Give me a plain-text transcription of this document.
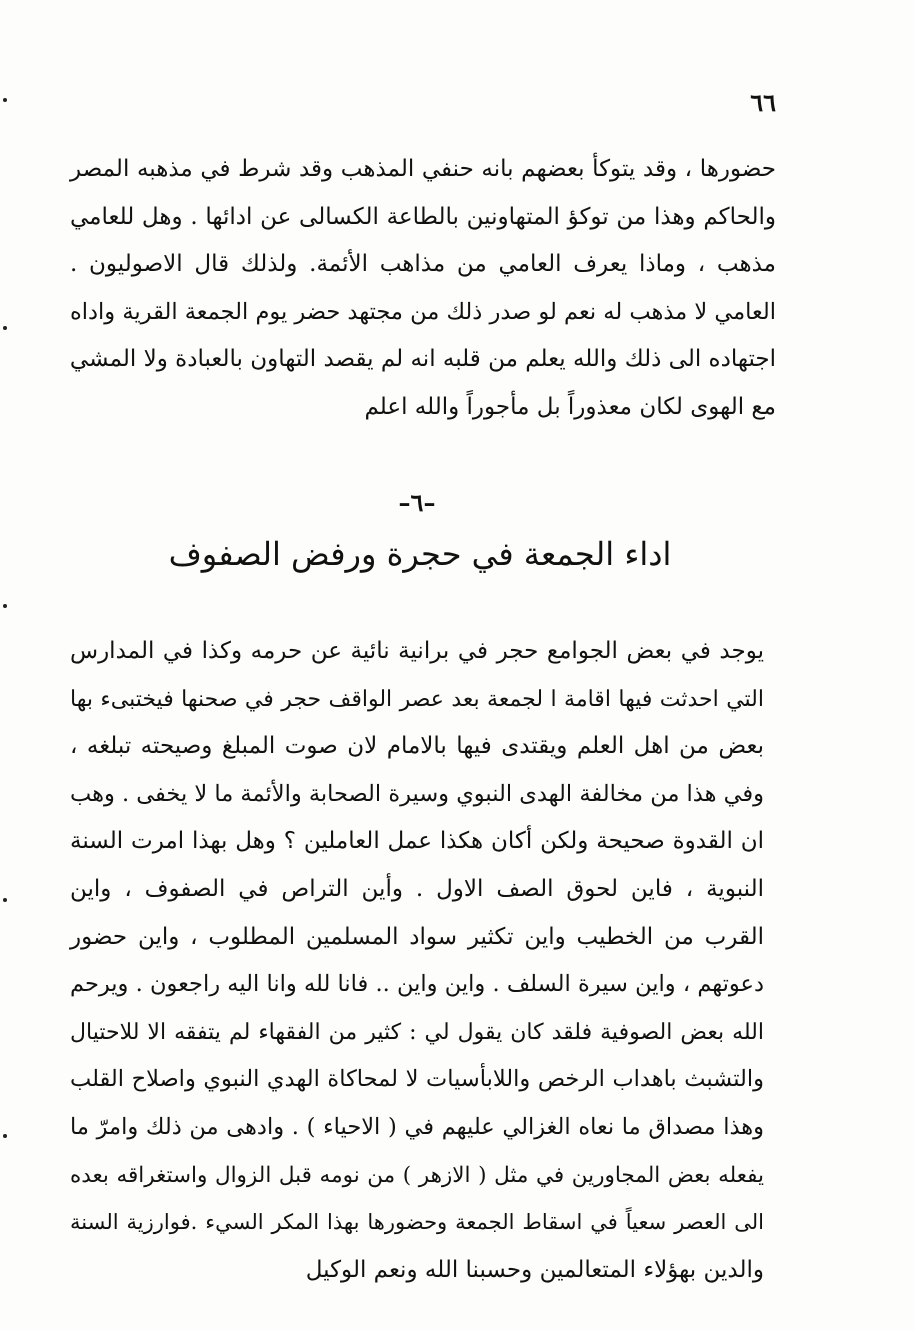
٦٦
حضورها ، وقد يتوكأ بعضهم بانه حنفي المذهب وقد شرط في مذهبه المصر
والحاكم وهذا من توكؤ المتهاونين بالطاعة الكسالى عن ادائها . وهل للعامي
مذهب ، وماذا يعرف العامي من مذاهب الأئمة. ولذلك قال الاصوليون .
العامي لا مذهب له نعم لو صدر ذلك من مجتهد حضر يوم الجمعة القرية واداه
اجتهاده الى ذلك والله يعلم من قلبه انه لم يقصد التهاون بالعبادة ولا المشي
مع الهوى لكان معذوراً بل مأجوراً والله اعلم
–٦–
اداء الجمعة في حجرة ورفض الصفوف
يوجد في بعض الجوامع حجر في برانية نائية عن حرمه وكذا في المدارس
التي احدثت فيها اقامة ا لجمعة بعد عصر الواقف حجر في صحنها فيختبىء بها
بعض من اهل العلم ويقتدى فيها بالامام لان صوت المبلغ وصيحته تبلغه ،
وفي هذا من مخالفة الهدى النبوي وسيرة الصحابة والأئمة ما لا يخفى . وهب
ان القدوة صحيحة ولكن أكان هكذا عمل العاملين ؟ وهل بهذا امرت السنة
النبوية ، فاين لحوق الصف الاول . وأين التراص في الصفوف ، واين
القرب من الخطيب واين تكثير سواد المسلمين المطلوب ، واين حضور
دعوتهم ، واين سيرة السلف . واين واين .. فانا لله وانا اليه راجعون . ويرحم
الله بعض الصوفية فلقد كان يقول لي : كثير من الفقهاء لم يتفقه الا للاحتيال
والتشبث باهداب الرخص واللابأسيات لا لمحاكاة الهدي النبوي واصلاح القلب
وهذا مصداق ما نعاه الغزالي عليهم في ( الاحياء ) . وادهى من ذلك وامرّ ما
يفعله بعض المجاورين في مثل ( الازهر ) من نومه قبل الزوال واستغراقه بعده
الى العصر سعياً في اسقاط الجمعة وحضورها بهذا المكر السيء .فوارزية السنة
والدين بهؤلاء المتعالمين وحسبنا الله ونعم الوكيل
